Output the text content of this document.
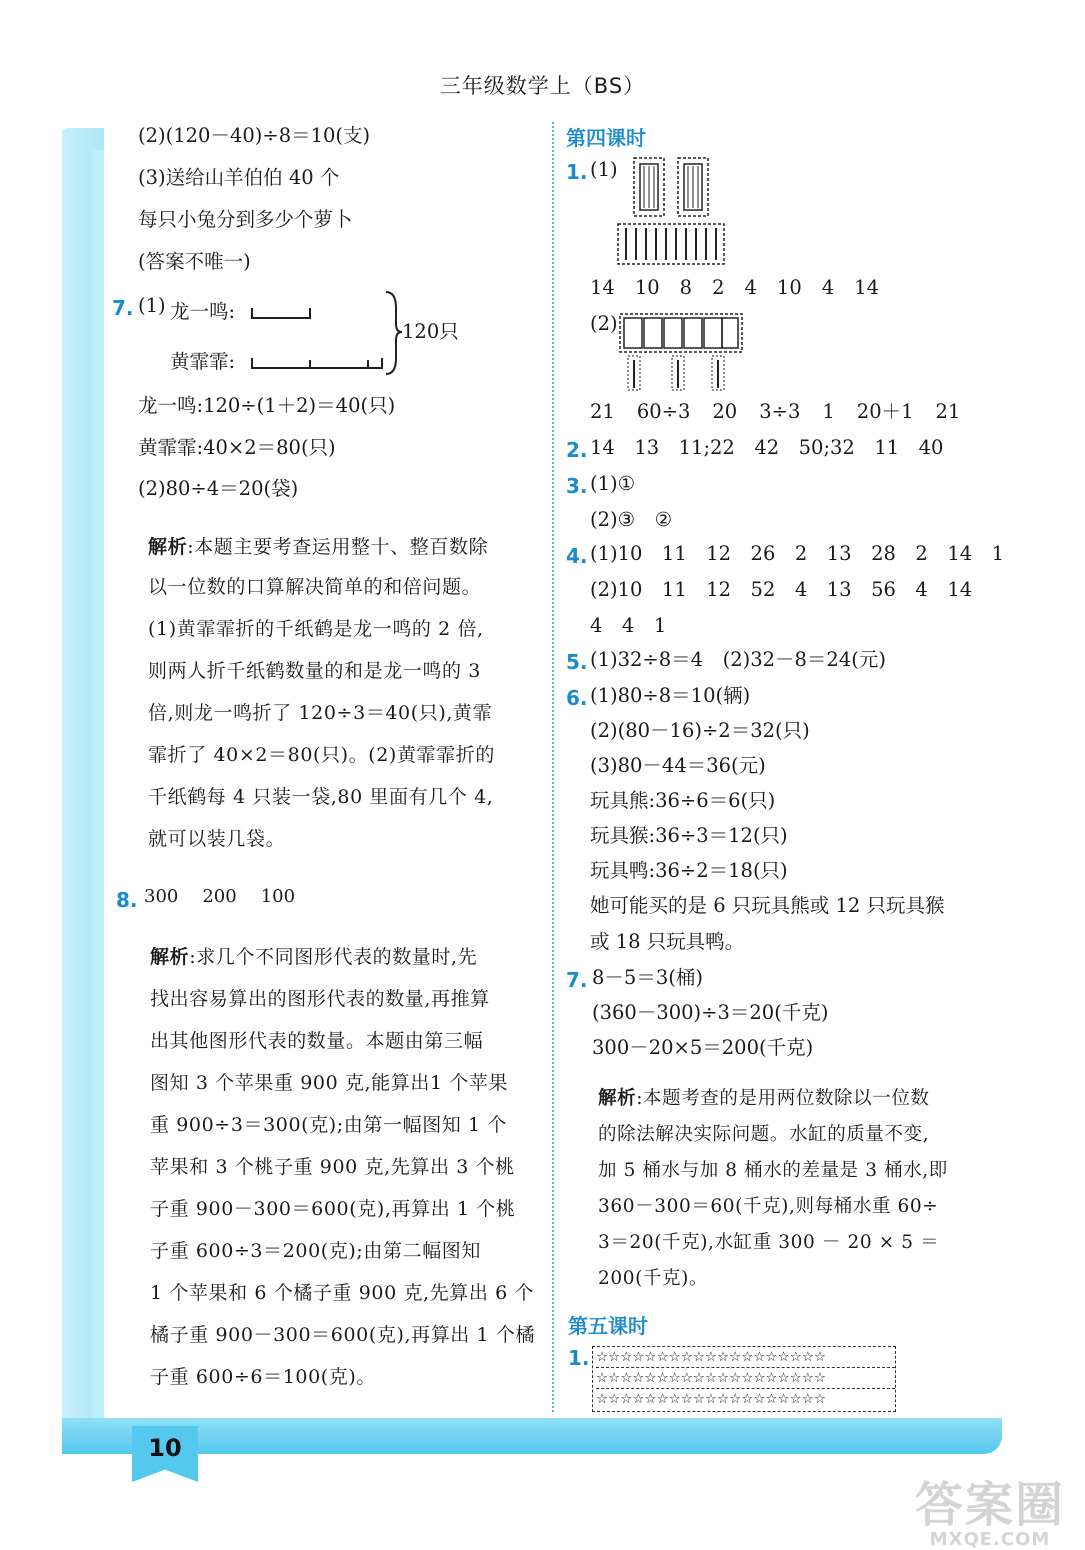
10
三年级数学上（BS）
(2)(120－40)÷8＝10(支)
(3)送给山羊伯伯 40 个
每只小兔分到多少个萝卜
(答案不唯一)
7. (1) 龙一鸣:
黄霏霏:
120只
龙一鸣:120÷(1＋2)＝40(只)
黄霏霏:40×2＝80(只)
(2)80÷4＝20(袋)
解析:本题主要考查运用整十、整百数除
以一位数的口算解决简单的和倍问题。
(1)黄霏霏折的千纸鹤是龙一鸣的 2 倍,
则两人折千纸鹤数量的和是龙一鸣的 3
倍,则龙一鸣折了 120÷3＝40(只),黄霏
霏折了 40×2＝80(只)。(2)黄霏霏折的
千纸鹤每 4 只装一袋,80 里面有几个 4,
就可以装几袋。
8. 300 200 100
解析:求几个不同图形代表的数量时,先
找出容易算出的图形代表的数量,再推算
出其他图形代表的数量。本题由第三幅
图知 3 个苹果重 900 克,能算出1 个苹果
重 900÷3＝300(克);由第一幅图知 1 个
苹果和 3 个桃子重 900 克,先算出 3 个桃
子重 900－300＝600(克),再算出 1 个桃
子重 600÷3＝200(克);由第二幅图知
1 个苹果和 6 个橘子重 900 克,先算出 6 个
橘子重 900－300＝600(克),再算出 1 个橘
子重 600÷6＝100(克)。
第四课时
1. (1)
14 10 8 2 4 10 4 14
(2)
21 60÷3 20 3÷3 1 20＋1 21
2. 14　13　11;22　42　50;32　11　40
3. (1)①
(2)③　②
4. (1)10　11　12　26　2　13　28　2　14　1
(2)10　11　12　52　4　13　56　4　14
4　4　1
5. (1)32÷8＝4　(2)32－8＝24(元)
6. (1)80÷8＝10(辆)
(2)(80－16)÷2＝32(只)
(3)80－44＝36(元)
玩具熊:36÷6＝6(只)
玩具猴:36÷3＝12(只)
玩具鸭:36÷2＝18(只)
她可能买的是 6 只玩具熊或 12 只玩具猴
或 18 只玩具鸭。
7. 8－5＝3(桶)
(360－300)÷3＝20(千克)
300－20×5＝200(千克)
解析:本题考查的是用两位数除以一位数
的除法解决实际问题。水缸的质量不变,
加 5 桶水与加 8 桶水的差量是 3 桶水,即
360－300＝60(千克),则每桶水重 60÷
3＝20(千克),水缸重 300 － 20 × 5 ＝
200(千克)。
第五课时
1. ☆☆☆☆☆☆☆☆☆☆☆☆☆☆☆☆☆☆☆
☆☆☆☆☆☆☆☆☆☆☆☆☆☆☆☆☆☆☆
☆☆☆☆☆☆☆☆☆☆☆☆☆☆☆☆☆☆☆
答案圈
MXQE.COM
